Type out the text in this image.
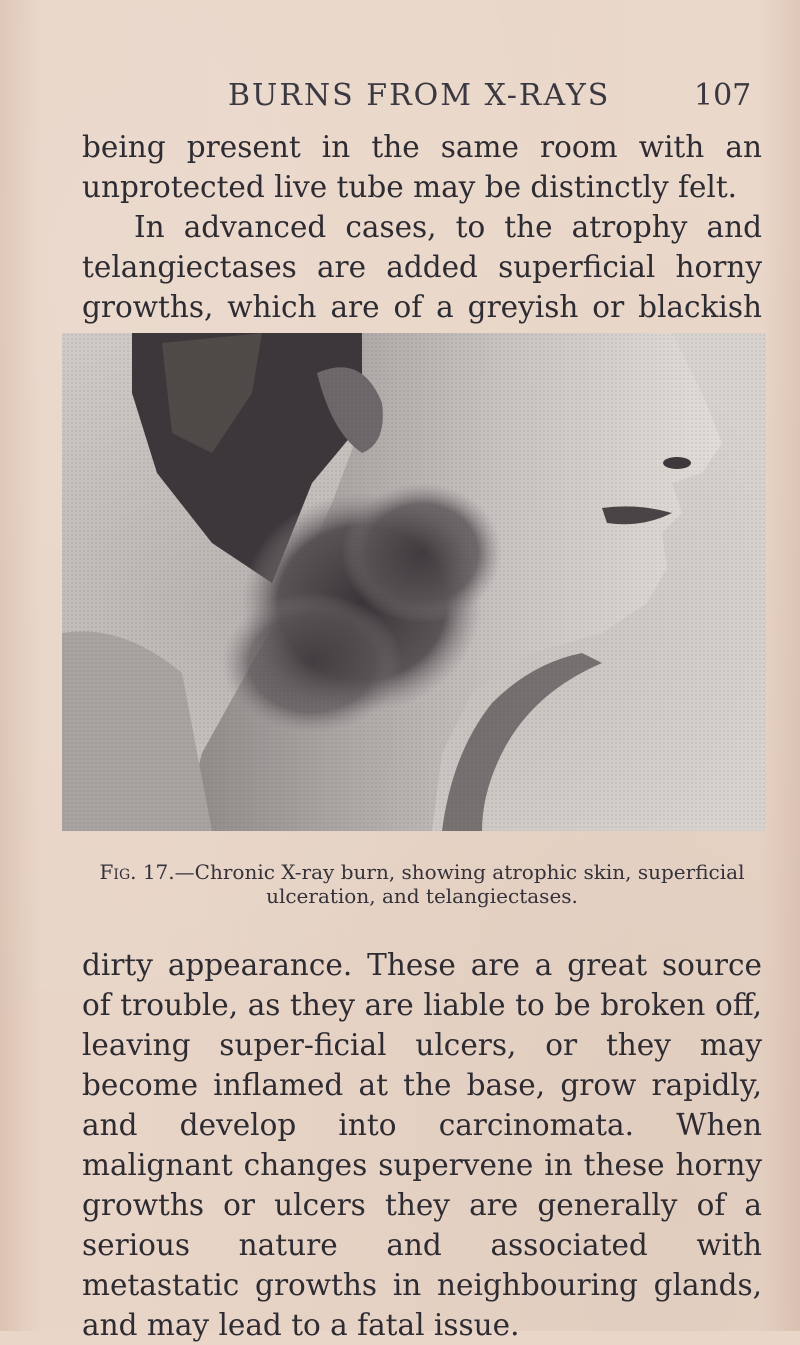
BURNS FROM X-RAYS	107

being present in the same room with an unprotected live tube may be distinctly felt.

In advanced cases, to the atrophy and telangiectases are added superficial horny growths, which are of a greyish or blackish

Fig. 17.—Chronic X-ray burn, showing atrophic skin, superficial ulceration, and telangiectases.

dirty appearance. These are a great source of trouble, as they are liable to be broken off, leaving super-ficial ulcers, or they may become inflamed at the base, grow rapidly, and develop into carcinomata. When malignant changes supervene in these horny growths or ulcers they are generally of a serious nature and associated with metastatic growths in neighbouring glands, and may lead to a fatal issue.
